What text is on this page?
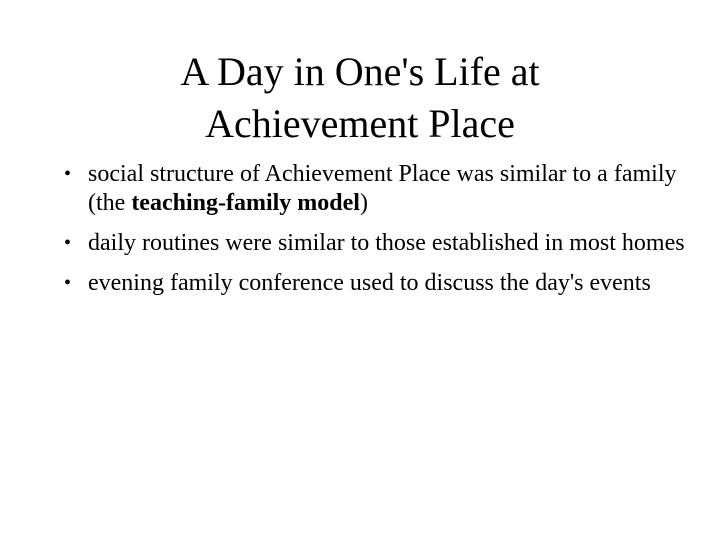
A Day in One's Life at
Achievement Place
• social structure of Achievement Place was similar to a family (the teaching-family model)
• daily routines were similar to those established in most homes
• evening family conference used to discuss the day's events
